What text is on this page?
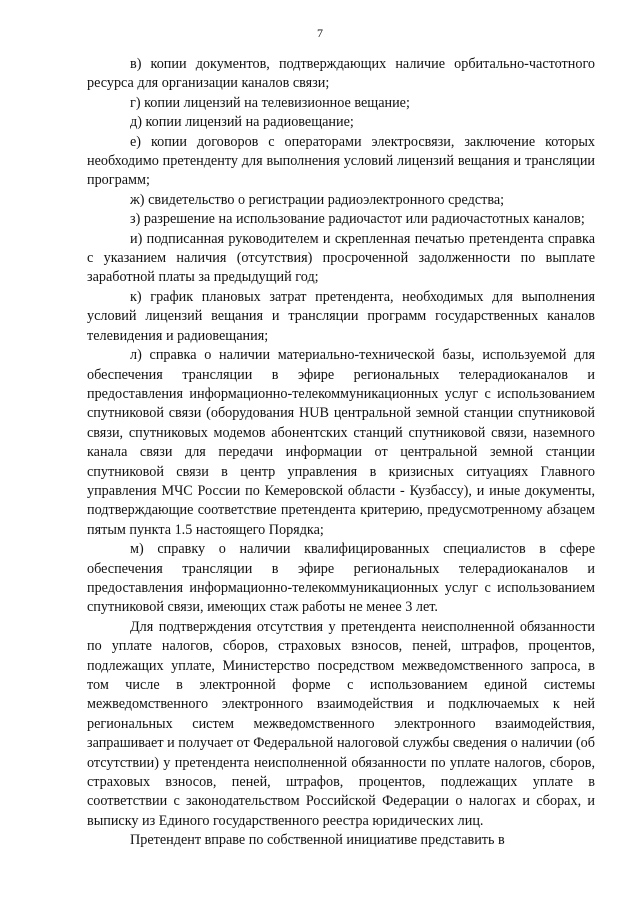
7

в) копии документов, подтверждающих наличие орбитально-частотного ресурса для организации каналов связи;

г) копии лицензий на телевизионное вещание;

д) копии лицензий на радиовещание;

е) копии договоров с операторами электросвязи, заключение которых необходимо претенденту для выполнения условий лицензий вещания и трансляции программ;

ж) свидетельство о регистрации радиоэлектронного средства;

з) разрешение на использование радиочастот или радиочастотных каналов;

и) подписанная руководителем и скрепленная печатью претендента справка с указанием наличия (отсутствия) просроченной задолженности по выплате заработной платы за предыдущий год;

к) график плановых затрат претендента, необходимых для выполнения условий лицензий вещания и трансляции программ государственных каналов телевидения и радиовещания;

л) справка о наличии материально-технической базы, используемой для обеспечения трансляции в эфире региональных телерадиоканалов и предоставления информационно-телекоммуникационных услуг с использованием спутниковой связи (оборудования HUB центральной земной станции спутниковой связи, спутниковых модемов абонентских станций спутниковой связи, наземного канала связи для передачи информации от центральной земной станции спутниковой связи в центр управления в кризисных ситуациях Главного управления МЧС России по Кемеровской области - Кузбассу), и иные документы, подтверждающие соответствие претендента критерию, предусмотренному абзацем пятым пункта 1.5 настоящего Порядка;

м) справку о наличии квалифицированных специалистов в сфере обеспечения трансляции в эфире региональных телерадиоканалов и предоставления информационно-телекоммуникационных услуг с использованием спутниковой связи, имеющих стаж работы не менее 3 лет.

Для подтверждения отсутствия у претендента неисполненной обязанности по уплате налогов, сборов, страховых взносов, пеней, штрафов, процентов, подлежащих уплате, Министерство посредством межведомственного запроса, в том числе в электронной форме с использованием единой системы межведомственного электронного взаимодействия и подключаемых к ней региональных систем межведомственного электронного взаимодействия, запрашивает и получает от Федеральной налоговой службы сведения о наличии (об отсутствии) у претендента неисполненной обязанности по уплате налогов, сборов, страховых взносов, пеней, штрафов, процентов, подлежащих уплате в соответствии с законодательством Российской Федерации о налогах и сборах, и выписку из Единого государственного реестра юридических лиц.

Претендент вправе по собственной инициативе представить в
